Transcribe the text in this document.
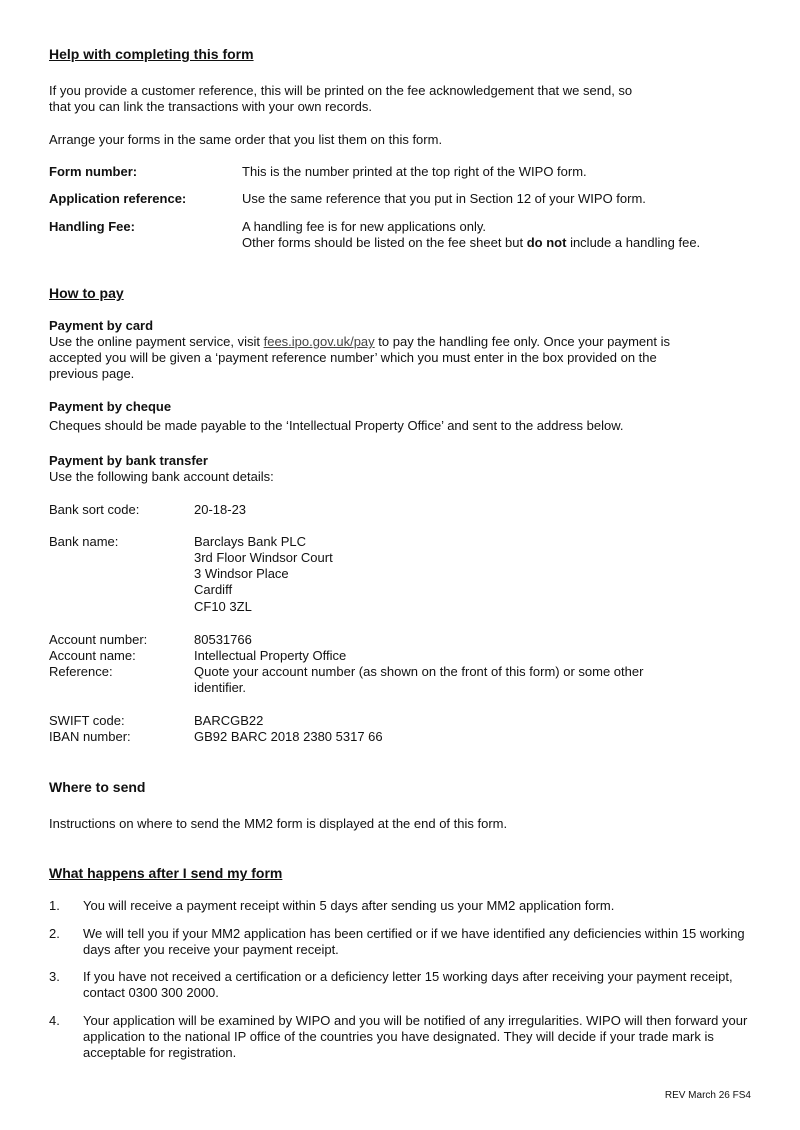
Help with completing this form
If you provide a customer reference, this will be printed on the fee acknowledgement that we send, so
that you can link the transactions with your own records.
Arrange your forms in the same order that you list them on this form.
Form number:	This is the number printed at the top right of the WIPO form.
Application reference:	Use the same reference that you put in Section 12 of your WIPO form.
Handling Fee:	A handling fee is for new applications only.
Other forms should be listed on the fee sheet but do not include a handling fee.
How to pay
Payment by card
Use the online payment service, visit fees.ipo.gov.uk/pay to pay the handling fee only. Once your payment is
accepted you will be given a ‘payment reference number’ which you must enter in the box provided on the
previous page.
Payment by cheque
Cheques should be made payable to the ‘Intellectual Property Office’ and sent to the address below.
Payment by bank transfer
Use the following bank account details:
Bank sort code:	20-18-23
Bank name:	Barclays Bank PLC
3rd Floor Windsor Court
3 Windsor Place
Cardiff
CF10 3ZL
Account number:	80531766
Account name:	Intellectual Property Office
Reference:	Quote your account number (as shown on the front of this form) or some other
identifier.
SWIFT code:	BARCGB22
IBAN number:	GB92 BARC 2018 2380 5317 66
Where to send
Instructions on where to send the MM2 form is displayed at the end of this form.
What happens after I send my form
1. You will receive a payment receipt within 5 days after sending us your MM2 application form.
2. We will tell you if your MM2 application has been certified or if we have identified any deficiencies within 15 working days after you receive your payment receipt.
3. If you have not received a certification or a deficiency letter 15 working days after receiving your payment receipt, contact 0300 300 2000.
4. Your application will be examined by WIPO and you will be notified of any irregularities. WIPO will then forward your application to the national IP office of the countries you have designated. They will decide if your trade mark is acceptable for registration.
REV March 26 FS4
